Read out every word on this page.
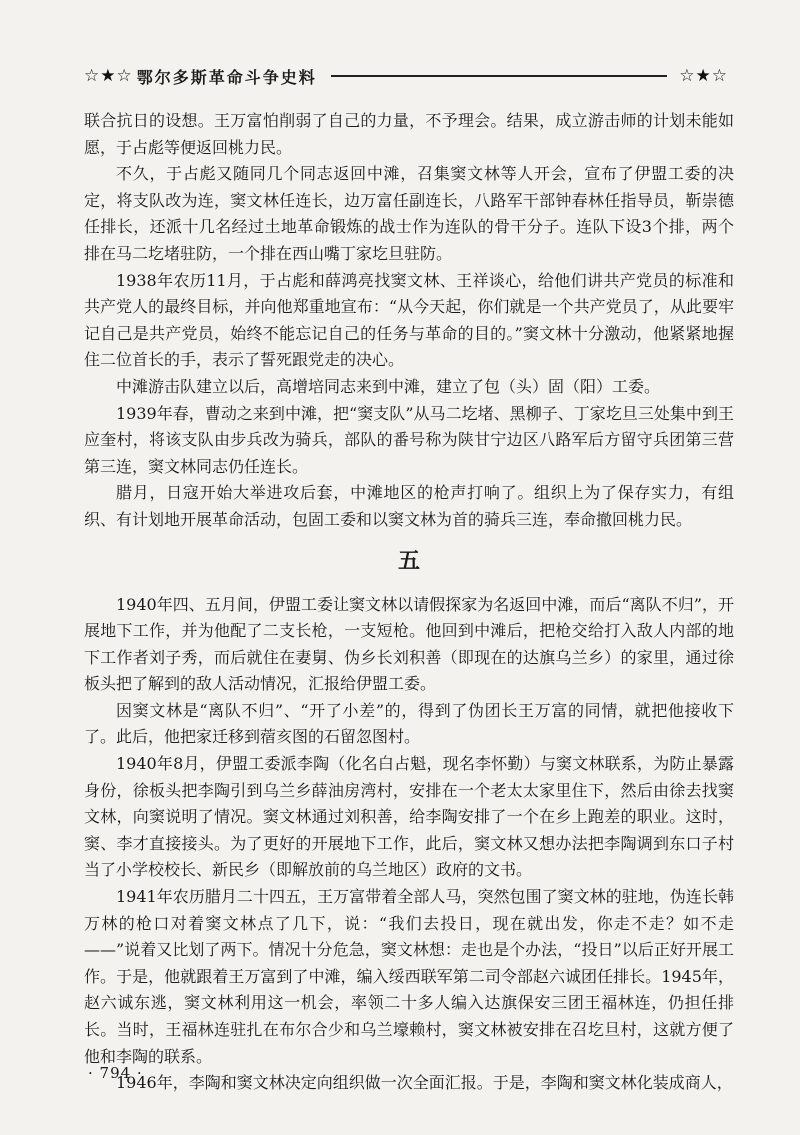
☆★☆ 鄂尔多斯革命斗争史料	☆★☆

联合抗日的设想。王万富怕削弱了自己的力量，不予理会。结果，成立游击师的计划未能如愿，于占彪等便返回桃力民。

不久，于占彪又随同几个同志返回中滩，召集窦文林等人开会，宣布了伊盟工委的决定，将支队改为连，窦文林任连长，边万富任副连长，八路军干部钟春林任指导员，靳崇德任排长，还派十几名经过土地革命锻炼的战士作为连队的骨干分子。连队下设3个排，两个排在马二圪堵驻防，一个排在西山嘴丁家圪旦驻防。

1938年农历11月，于占彪和薛鸿亮找窦文林、王祥谈心，给他们讲共产党员的标准和共产党人的最终目标，并向他郑重地宣布：“从今天起，你们就是一个共产党员了，从此要牢记自己是共产党员，始终不能忘记自己的任务与革命的目的。”窦文林十分激动，他紧紧地握住二位首长的手，表示了誓死跟党走的决心。

中滩游击队建立以后，高增培同志来到中滩，建立了包（头）固（阳）工委。

1939年春，曹动之来到中滩，把“窦支队”从马二圪堵、黑柳子、丁家圪旦三处集中到王应奎村，将该支队由步兵改为骑兵，部队的番号称为陕甘宁边区八路军后方留守兵团第三营第三连，窦文林同志仍任连长。

腊月，日寇开始大举进攻后套，中滩地区的枪声打响了。组织上为了保存实力，有组织、有计划地开展革命活动，包固工委和以窦文林为首的骑兵三连，奉命撤回桃力民。

五

1940年四、五月间，伊盟工委让窦文林以请假探家为名返回中滩，而后“离队不归”，开展地下工作，并为他配了二支长枪，一支短枪。他回到中滩后，把枪交给打入敌人内部的地下工作者刘子秀，而后就住在妻舅、伪乡长刘积善（即现在的达旗乌兰乡）的家里，通过徐板头把了解到的敌人活动情况，汇报给伊盟工委。

因窦文林是“离队不归”、“开了小差”的，得到了伪团长王万富的同情，就把他接收下了。此后，他把家迁移到蓿亥图的石留忽图村。

1940年8月，伊盟工委派李陶（化名白占魁，现名李怀勤）与窦文林联系，为防止暴露身份，徐板头把李陶引到乌兰乡薛油房湾村，安排在一个老太太家里住下，然后由徐去找窦文林，向窦说明了情况。窦文林通过刘积善，给李陶安排了一个在乡上跑差的职业。这时，窦、李才直接接头。为了更好的开展地下工作，此后，窦文林又想办法把李陶调到东口子村当了小学校校长、新民乡（即解放前的乌兰地区）政府的文书。

1941年农历腊月二十四五，王万富带着全部人马，突然包围了窦文林的驻地，伪连长韩万林的枪口对着窦文林点了几下，说：“我们去投日，现在就出发，你走不走？如不走——”说着又比划了两下。情况十分危急，窦文林想：走也是个办法，“投日”以后正好开展工作。于是，他就跟着王万富到了中滩，编入绥西联军第二司令部赵六诚团任排长。1945年，赵六诚东逃，窦文林利用这一机会，率领二十多人编入达旗保安三团王福林连，仍担任排长。当时，王福林连驻扎在布尔合少和乌兰壕赖村，窦文林被安排在召圪旦村，这就方便了他和李陶的联系。

1946年，李陶和窦文林决定向组织做一次全面汇报。于是，李陶和窦文林化装成商人，

· 794 ·
